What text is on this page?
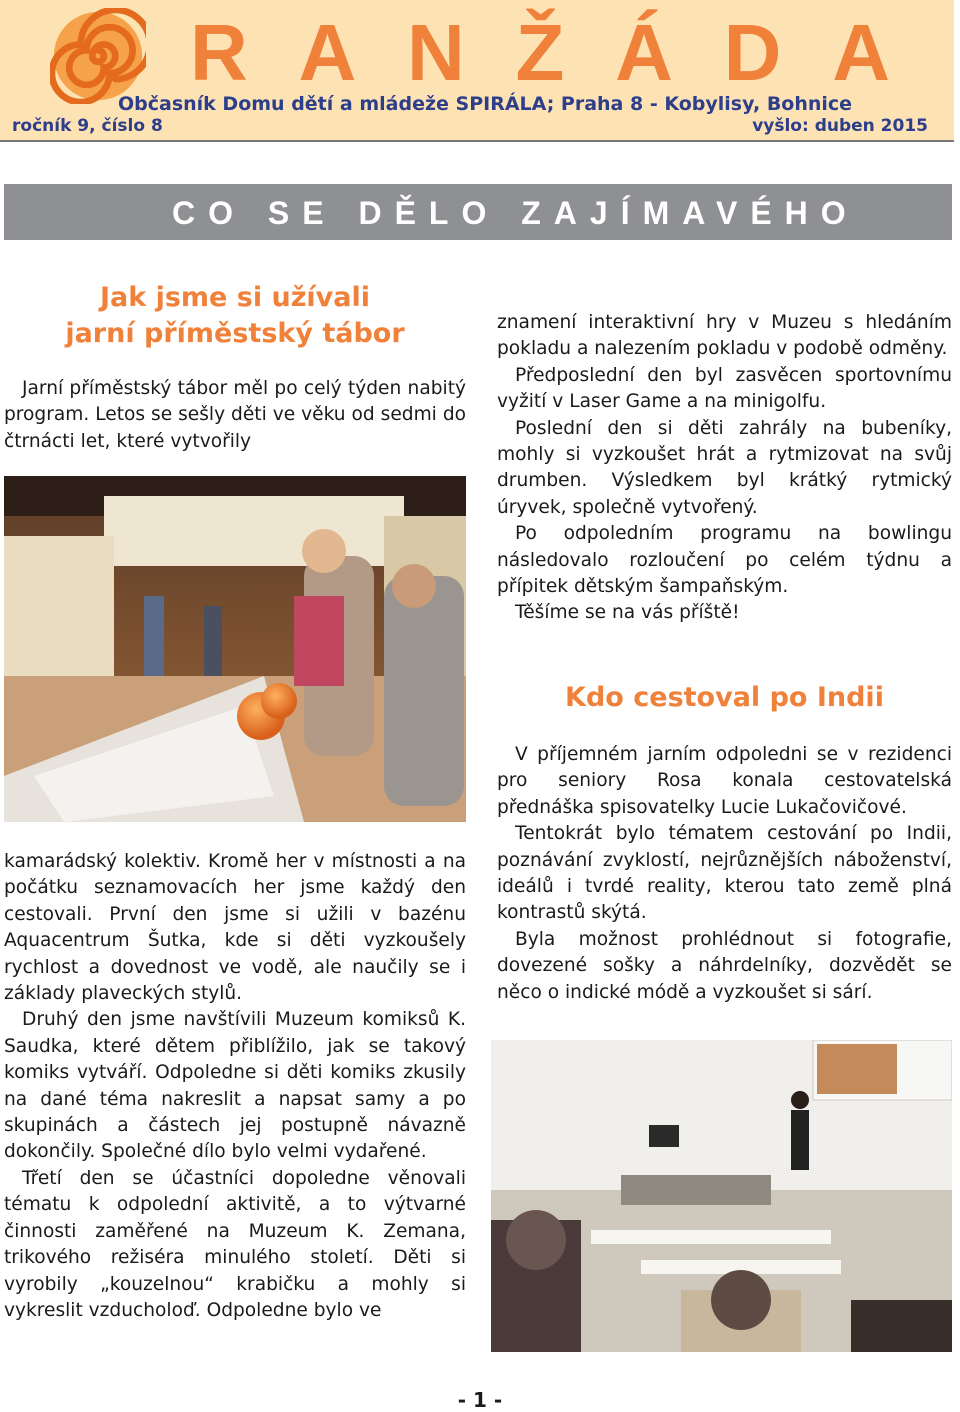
R A N Ž Á D A
Občasník Domu dětí a mládeže SPIRÁLA; Praha 8 - Kobylisy, Bohnice
ročník 9, číslo 8	vyšlo: duben 2015
CO SE DĚLO ZAJÍMAVÉHO
Jak jsme si užívali
jarní příměstský tábor

Jarní příměstský tábor měl po celý týden nabitý program. Letos se sešly děti ve věku od sedmi do čtrnácti let, které vytvořily

kamarádský kolektiv. Kromě her v místnosti a na počátku seznamovacích her jsme každý den cestovali. První den jsme si užili v bazénu Aquacentrum Šutka, kde si děti vyzkoušely rychlost a dovednost ve vodě, ale naučily se i základy plaveckých stylů.

Druhý den jsme navštívili Muzeum komiksů K. Saudka, které dětem přiblížilo, jak se takový komiks vytváří. Odpoledne si děti komiks zkusily na dané téma nakreslit a napsat samy a po skupinách a částech jej postupně návazně dokončily. Společné dílo bylo velmi vydařené.

Třetí den se účastníci dopoledne věnovali tématu k odpolední aktivitě, a to výtvarné činnosti zaměřené na Muzeum K. Zemana, trikového režiséra minulého století. Děti si vyrobily „kouzelnou“ krabičku a mohly si vykreslit vzducholoď. Odpoledne bylo ve

znamení interaktivní hry v Muzeu s hledáním pokladu a nalezením pokladu v podobě odměny.

Předposlední den byl zasvěcen sportovnímu vyžití v Laser Game a na minigolfu.

Poslední den si děti zahrály na bubeníky, mohly si vyzkoušet hrát a rytmizovat na svůj drumben. Výsledkem byl krátký rytmický úryvek, společně vytvořený.

Po odpoledním programu na bowlingu následovalo rozloučení po celém týdnu a přípitek dětským šampaňským.

Těšíme se na vás příště!

Kdo cestoval po Indii

V příjemném jarním odpoledni se v rezidenci pro seniory Rosa konala cestovatelská přednáška spisovatelky Lucie Lukačovičové.

Tentokrát bylo tématem cestování po Indii, poznávání zvyklostí, nejrůznějších náboženství, ideálů i tvrdé reality, kterou tato země plná kontrastů skýtá.

Byla možnost prohlédnout si fotografie, dovezené sošky a náhrdelníky, dozvědět se něco o indické módě a vyzkoušet si sárí.

- 1 -
